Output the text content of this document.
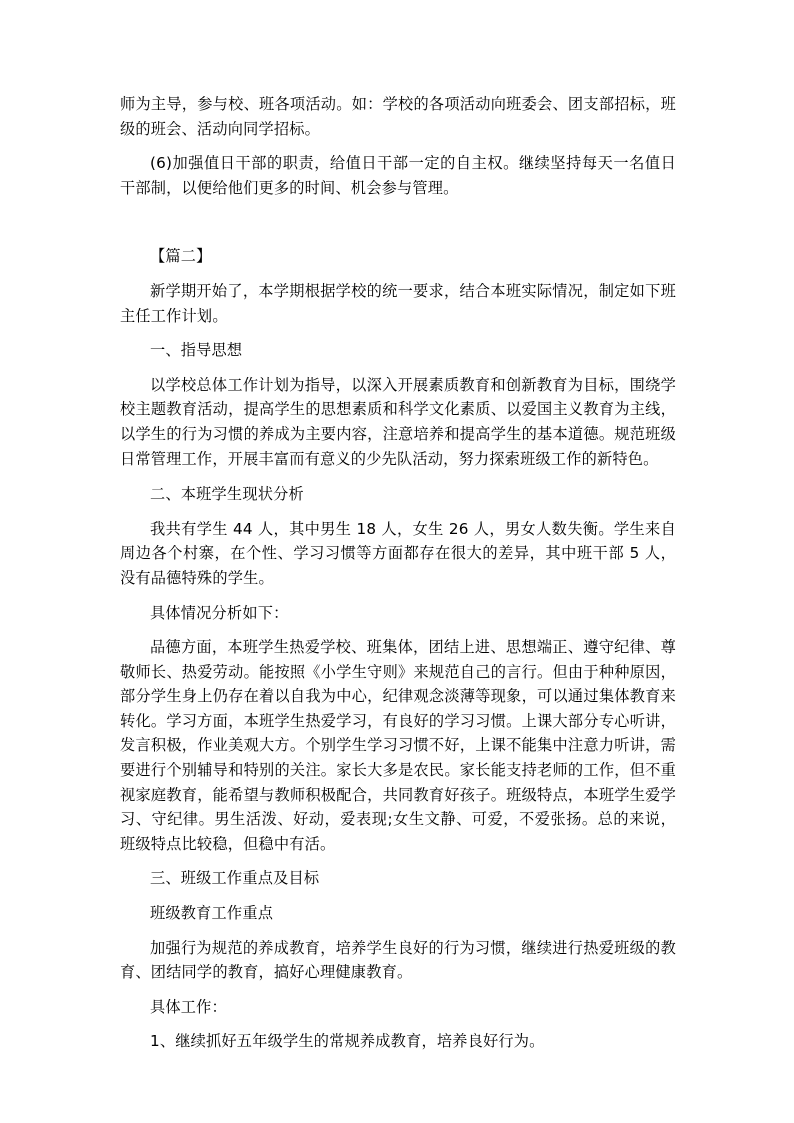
师为主导，参与校、班各项活动。如：学校的各项活动向班委会、团支部招标，班级的班会、活动向同学招标。

(6)加强值日干部的职责，给值日干部一定的自主权。继续坚持每天一名值日干部制，以便给他们更多的时间、机会参与管理。

【篇二】

新学期开始了，本学期根据学校的统一要求，结合本班实际情况，制定如下班主任工作计划。

一、指导思想

以学校总体工作计划为指导，以深入开展素质教育和创新教育为目标，围绕学校主题教育活动，提高学生的思想素质和科学文化素质、以爱国主义教育为主线，以学生的行为习惯的养成为主要内容，注意培养和提高学生的基本道德。规范班级日常管理工作，开展丰富而有意义的少先队活动，努力探索班级工作的新特色。

二、本班学生现状分析

我共有学生 44 人，其中男生 18 人，女生 26 人，男女人数失衡。学生来自周边各个村寨，在个性、学习习惯等方面都存在很大的差异，其中班干部 5 人，没有品德特殊的学生。

具体情况分析如下：

品德方面，本班学生热爱学校、班集体，团结上进、思想端正、遵守纪律、尊敬师长、热爱劳动。能按照《小学生守则》来规范自己的言行。但由于种种原因，部分学生身上仍存在着以自我为中心，纪律观念淡薄等现象，可以通过集体教育来转化。学习方面，本班学生热爱学习，有良好的学习习惯。上课大部分专心听讲，发言积极，作业美观大方。个别学生学习习惯不好，上课不能集中注意力听讲，需要进行个别辅导和特别的关注。家长大多是农民。家长能支持老师的工作，但不重视家庭教育，能希望与教师积极配合，共同教育好孩子。班级特点，本班学生爱学习、守纪律。男生活泼、好动，爱表现;女生文静、可爱，不爱张扬。总的来说，班级特点比较稳，但稳中有活。

三、班级工作重点及目标

班级教育工作重点

加强行为规范的养成教育，培养学生良好的行为习惯，继续进行热爱班级的教育、团结同学的教育，搞好心理健康教育。

具体工作：

1、继续抓好五年级学生的常规养成教育，培养良好行为。
